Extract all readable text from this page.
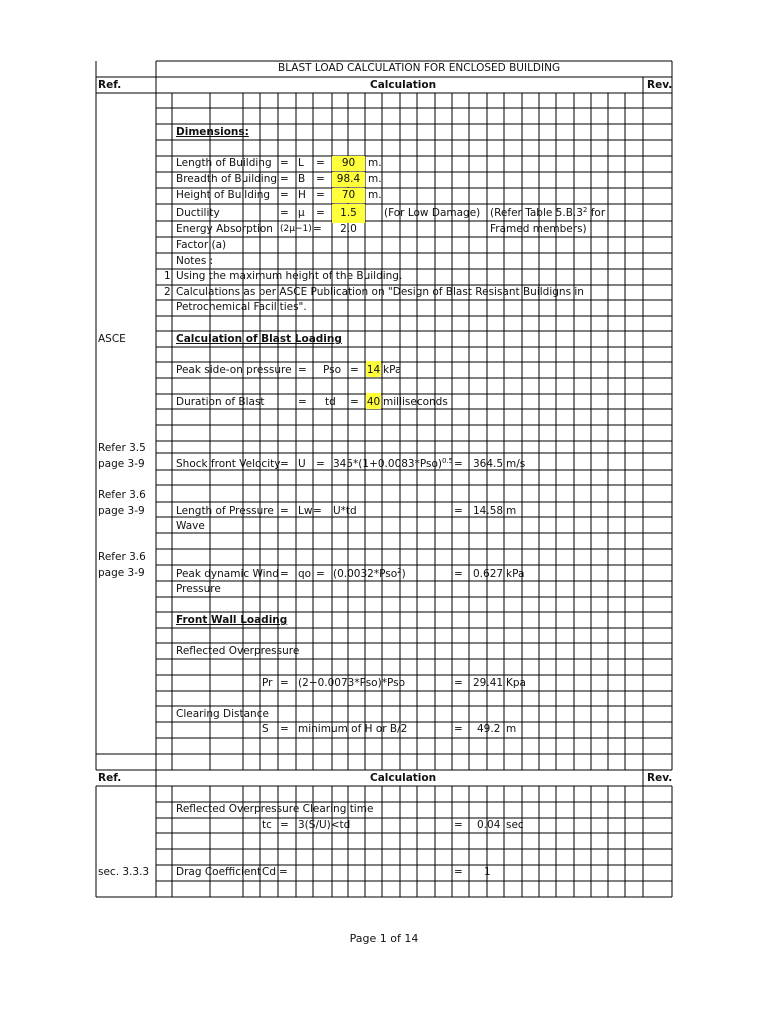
BLAST LOAD CALCULATION FOR ENCLOSED BUILDING
Ref.	Calculation	Rev.
Dimensions:
Length of Building = L =	90	m.
Breadth of Building = B =	98.4 m.
Height of Building = H =	70	m.
Ductility	= µ =	1.5	(For Low Damage) (Refer Table $5.B.3^2$ for
Energy Absorption (2µ−1) =	2.0	Framed members)
Factor (a)
Notes :
1 Using the maximum height of the Building.
2 Calculations as per ASCE Publication on "Design of Blast Resisant Buildigns in
Petrochemical Facilities".
ASCE	Calculation of Blast Loading
Peak side-on pressure = Pso = 14 kPa
Duration of Blast	= td = 40 milliseconds
Refer 3.5
page 3-9	Shock front Velocity = $U = 345*(1+0.0083*Pso)^{0.5} = 364.5$ m/s
Refer 3.6
page 3-9	Length of Pressure = Lw = U*td	= 14.58 m
Wave
Refer 3.6
page 3-9	Peak dynamic Wind = qo = (0.0032*Pso$^2$)	= 0.627 kPa
Pressure
Front Wall Loading
Reflected Overpressure
Pr = (2+0.0073*Pso)*Pso	= 29.41 Kpa
Clearing Distance
S = minimum of H or B/2	= 49.2 m
Ref.	Calculation	Rev.
Reflected Overpressure Clearing time
tc = 3(S/U)<td	= 0.04 sec
sec. 3.3.3	Drag Coefficient Cd =	= 1
Page 1 of 14
